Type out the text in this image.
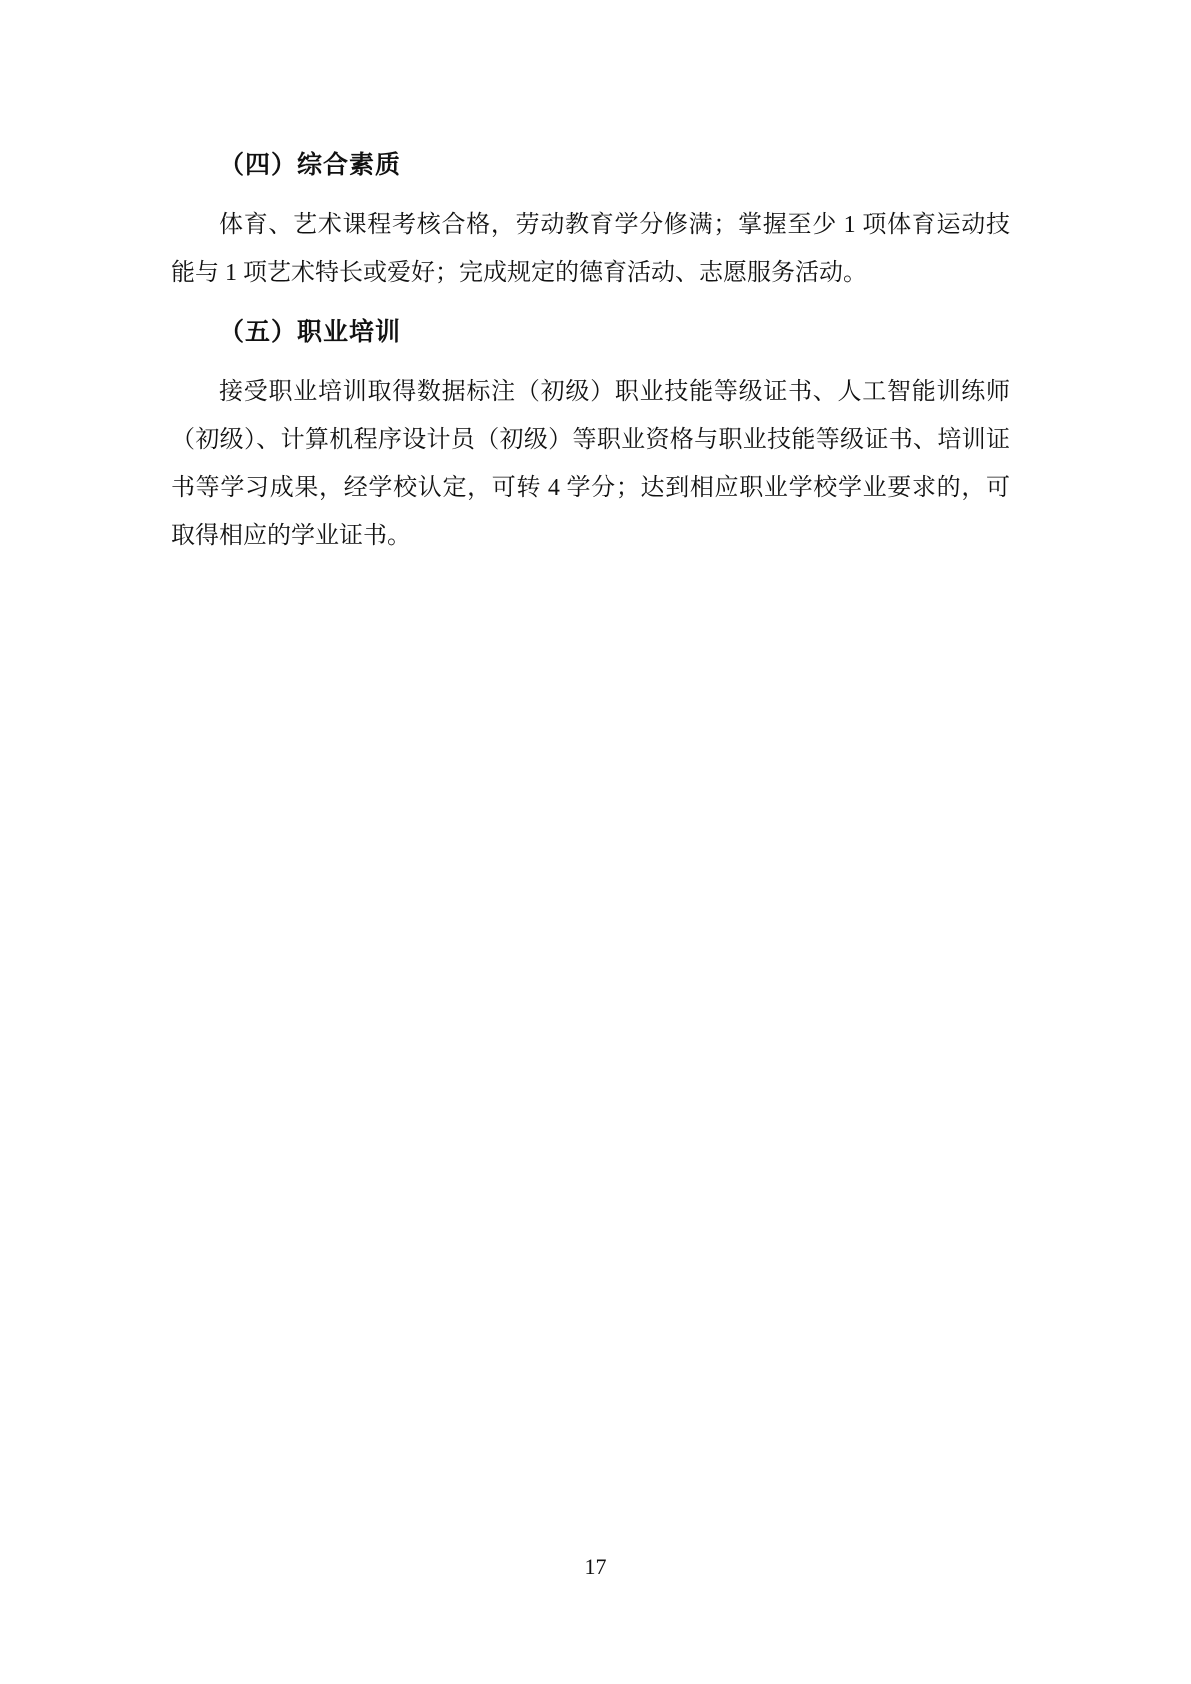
（四）综合素质

体育、艺术课程考核合格，劳动教育学分修满；掌握至少 1 项体育运动技能与 1 项艺术特长或爱好；完成规定的德育活动、志愿服务活动。

（五）职业培训

接受职业培训取得数据标注（初级）职业技能等级证书、人工智能训练师（初级）、计算机程序设计员（初级）等职业资格与职业技能等级证书、培训证书等学习成果，经学校认定，可转 4 学分；达到相应职业学校学业要求的，可取得相应的学业证书。

17
